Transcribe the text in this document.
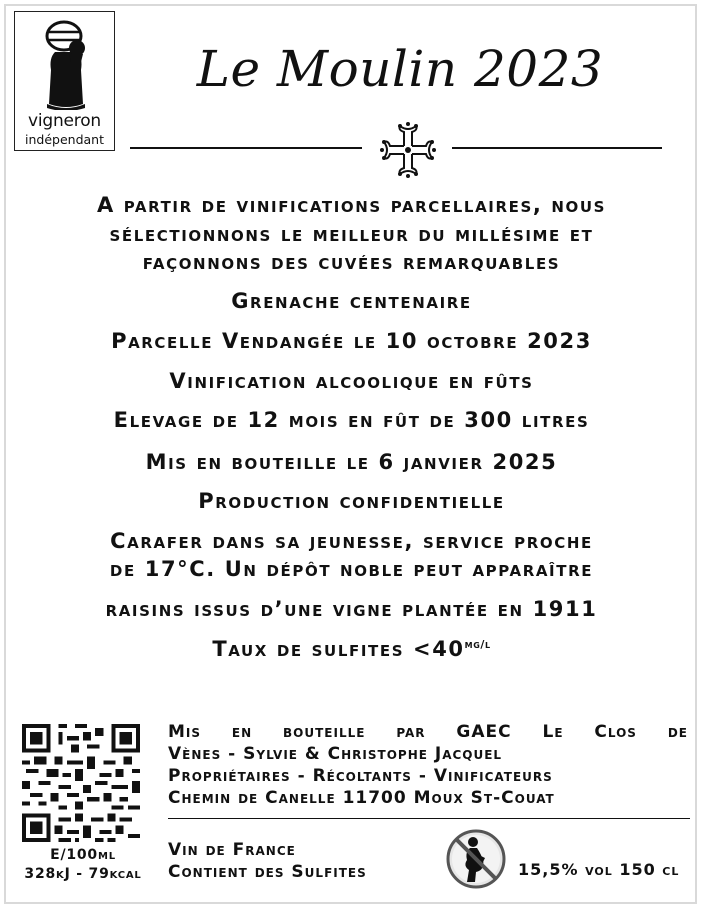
vigneron
indépendant
Le Moulin 2023
A partir de vinifications parcellaires, nous
sélectionnons le meilleur du millésime et
façonnons des cuvées remarquables
Grenache centenaire
Parcelle Vendangée le 10 octobre 2023
Vinification alcoolique en fûts
Elevage de 12 mois en fût de 300 litres
Mis en bouteille le 6 janvier 2025
Production confidentielle
Carafer dans sa jeunesse, service proche
de 17°C. Un dépôt noble peut apparaître
raisins issus d’une vigne plantée en 1911
Taux de sulfites $<40^{mg/l}$
E/100ml
328kJ - 79kcal
Mis en bouteille par GAEC Le Clos de
Vènes - Sylvie & Christophe Jacquel
Propriétaires - Récoltants - Vinificateurs
Chemin de Canelle 11700 Moux St-Couat
Vin de France
Contient des Sulfites	15,5% vol 150 cl
